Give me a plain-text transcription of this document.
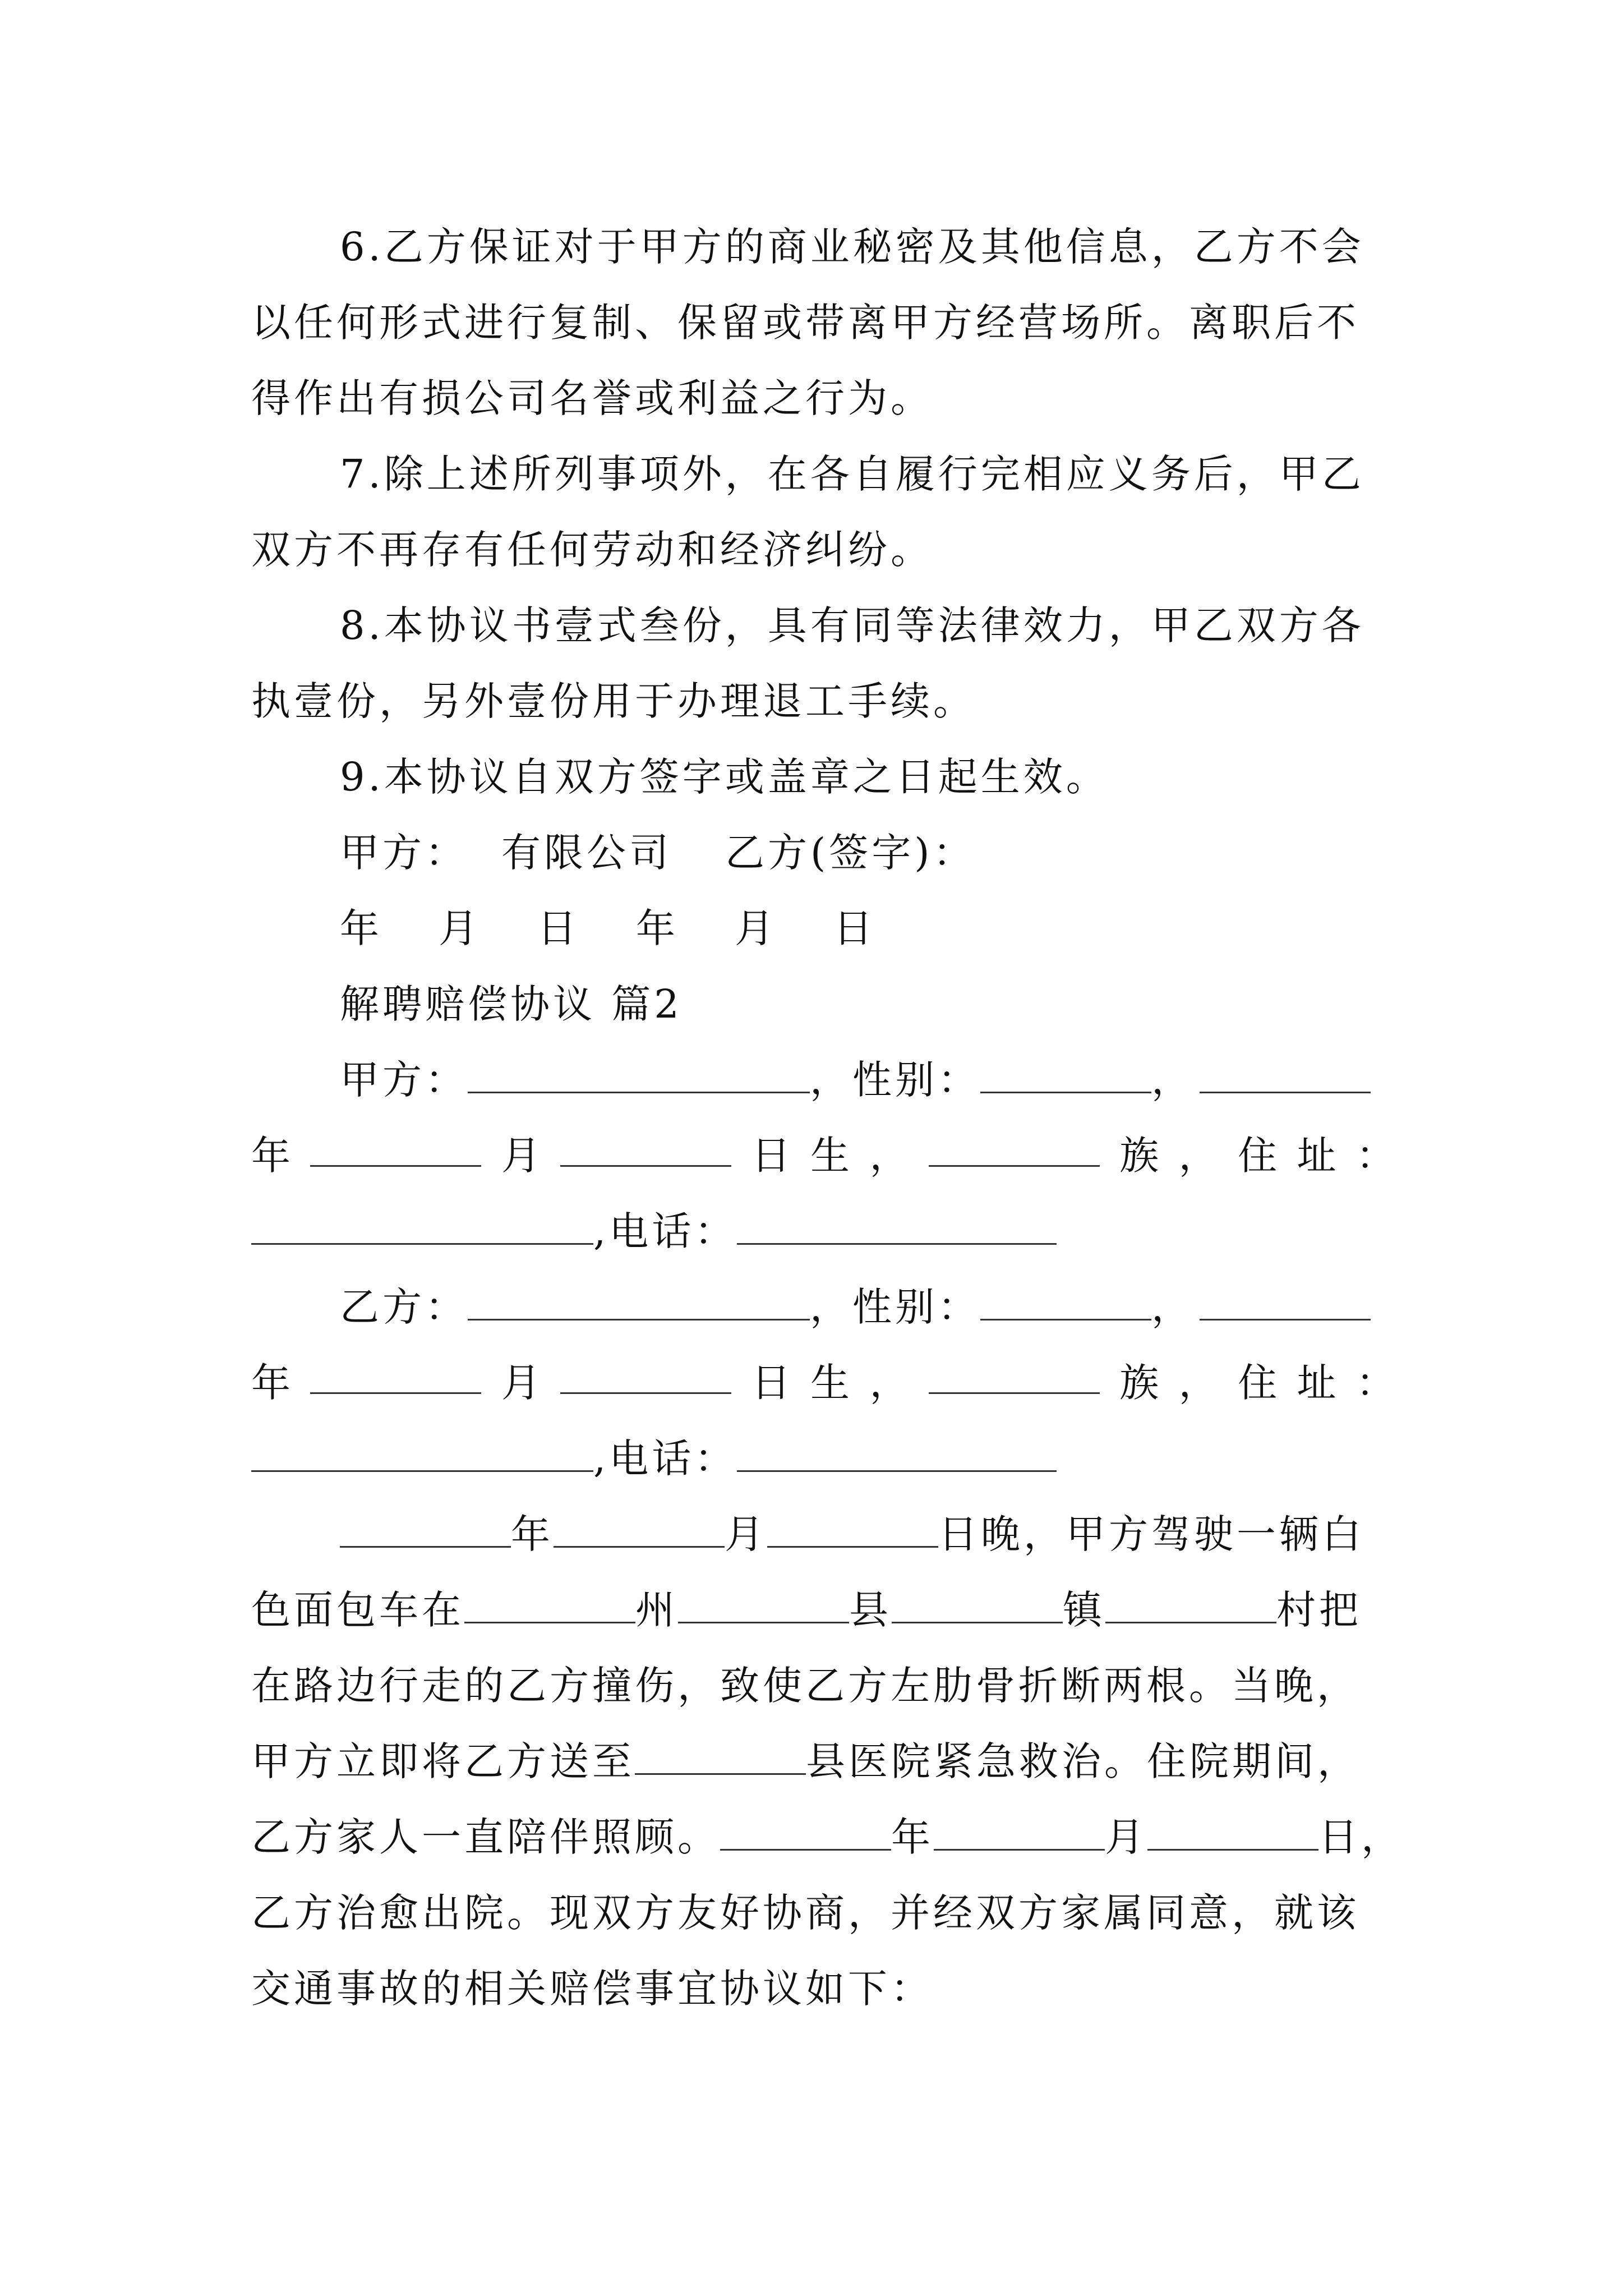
6.乙方保证对于甲方的商业秘密及其他信息，乙方不会
以任何形式进行复制、保留或带离甲方经营场所。离职后不
得作出有损公司名誉或利益之行为。
7.除上述所列事项外，在各自履行完相应义务后，甲乙
双方不再存有任何劳动和经济纠纷。
8.本协议书壹式叁份，具有同等法律效力，甲乙双方各
执壹份，另外壹份用于办理退工手续。
9.本协议自双方签字或盖章之日起生效。
甲方： 有限公司 乙方(签字)：
年 月 日 年 月 日
解聘赔偿协议 篇2
甲方：	，性别：	，
年	月	日 生 ，	族 ， 住 址 ：
,电话：
乙方：	，性别：	，
年	月	日 生 ，	族 ， 住 址 ：
,电话：
年	月	日晚，甲方驾驶一辆白
色面包车在	州	县	镇	村把
在路边行走的乙方撞伤，致使乙方左肋骨折断两根。当晚，
甲方立即将乙方送至	县医院紧急救治。住院期间，
乙方家人一直陪伴照顾。	年	月	日，
乙方治愈出院。现双方友好协商，并经双方家属同意，就该
交通事故的相关赔偿事宜协议如下：
